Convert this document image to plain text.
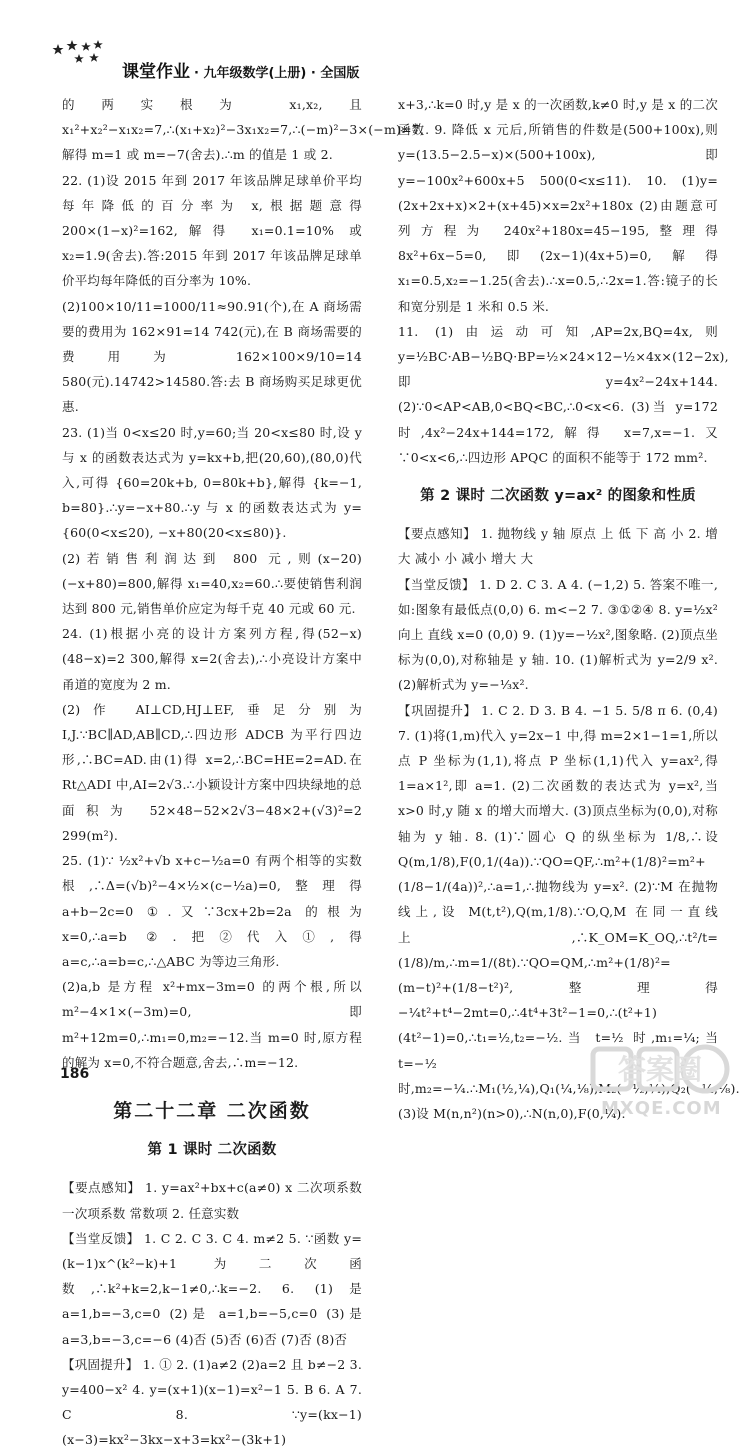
课堂作业 · 九年级数学(上册) · 全国版

的两实根为 x₁,x₂,且 x₁²+x₂²−x₁x₂=7,∴(x₁+x₂)²−3x₁x₂=7,∴(−m)²−3×(−m)=7,解得 m=1 或 m=−7(舍去).∴m 的值是 1 或 2.

22. (1)设 2015 年到 2017 年该品牌足球单价平均每年降低的百分率为 x,根据题意得 200×(1−x)²=162,解得 x₁=0.1=10% 或 x₂=1.9(舍去).答:2015 年到 2017 年该品牌足球单价平均每年降低的百分率为 10%.

(2)100×10/11=1000/11≈90.91(个),在 A 商场需要的费用为 162×91=14 742(元),在 B 商场需要的费用为 162×100×9/10=14 580(元).14742>14580.答:去 B 商场购买足球更优惠.

23. (1)当 0<x≤20 时,y=60;当 20<x≤80 时,设 y 与 x 的函数表达式为 y=kx+b,把(20,60),(80,0)代入,可得 {60=20k+b, 0=80k+b},解得 {k=−1, b=80}.∴y=−x+80.∴y 与 x 的函数表达式为 y={60(0<x≤20), −x+80(20<x≤80)}.

(2)若销售利润达到 800 元,则(x−20)(−x+80)=800,解得 x₁=40,x₂=60.∴要使销售利润达到 800 元,销售单价应定为每千克 40 元或 60 元.

24. (1)根据小亮的设计方案列方程,得(52−x)(48−x)=2 300,解得 x=2(舍去),∴小亮设计方案中甬道的宽度为 2 m.

(2)作 AI⊥CD,HJ⊥EF,垂足分别为 I,J.∵BC∥AD,AB∥CD,∴四边形 ADCB 为平行四边形,∴BC=AD.由(1)得 x=2,∴BC=HE=2=AD.在 Rt△ADI 中,AI=2√3.∴小颖设计方案中四块绿地的总面积为 52×48−52×2√3−48×2+(√3)²=2 299(m²).

25. (1)∵ ½x²+√b x+c−½a=0 有两个相等的实数根,∴Δ=(√b)²−4×½×(c−½a)=0,整理得 a+b−2c=0 ①.又∵3cx+2b=2a 的根为 x=0,∴a=b ②.把②代入①,得 a=c,∴a=b=c,∴△ABC 为等边三角形.

(2)a,b 是方程 x²+mx−3m=0 的两个根,所以 m²−4×1×(−3m)=0,即 m²+12m=0,∴m₁=0,m₂=−12.当 m=0 时,原方程的解为 x=0,不符合题意,舍去,∴m=−12.

第二十二章 二次函数
第 1 课时 二次函数

【要点感知】 1. y=ax²+bx+c(a≠0) x 二次项系数 一次项系数 常数项 2. 任意实数

【当堂反馈】 1. C 2. C 3. C 4. m≠2 5. ∵函数 y=(k−1)x^(k²−k)+1 为二次函数,∴k²+k=2,k−1≠0,∴k=−2. 6. (1)是 a=1,b=−3,c=0 (2)是 a=1,b=−5,c=0 (3)是 a=3,b=−3,c=−6 (4)否 (5)否 (6)否 (7)否 (8)否

【巩固提升】 1. ① 2. (1)a≠2 (2)a=2 且 b≠−2 3. y=400−x² 4. y=(x+1)(x−1)=x²−1 5. B 6. A 7. C 8. ∵y=(kx−1)(x−3)=kx²−3kx−x+3=kx²−(3k+1)

x+3,∴k=0 时,y 是 x 的一次函数,k≠0 时,y 是 x 的二次函数. 9. 降低 x 元后,所销售的件数是(500+100x),则 y=(13.5−2.5−x)×(500+100x),即 y=−100x²+600x+5 500(0<x≤11). 10. (1)y=(2x+2x+x)×2+(x+45)×x=2x²+180x (2)由题意可列方程为 240x²+180x=45−195,整理得 8x²+6x−5=0,即(2x−1)(4x+5)=0,解得 x₁=0.5,x₂=−1.25(舍去).∴x=0.5,∴2x=1.答:镜子的长和宽分别是 1 米和 0.5 米.

11. (1)由运动可知,AP=2x,BQ=4x,则 y=½BC·AB−½BQ·BP=½×24×12−½×4x×(12−2x),即 y=4x²−24x+144. (2)∵0<AP<AB,0<BQ<BC,∴0<x<6. (3)当 y=172 时,4x²−24x+144=172,解得 x=7,x=−1.又∵0<x<6,∴四边形 APQC 的面积不能等于 172 mm².

第 2 课时 二次函数 y=ax² 的图象和性质

【要点感知】 1. 抛物线 y 轴 原点 上 低 下 高 小 2. 增大 减小 小 减小 增大 大

【当堂反馈】 1. D 2. C 3. A 4. (−1,2) 5. 答案不唯一,如:图象有最低点(0,0) 6. m<−2 7. ③①②④ 8. y=½x² 向上 直线 x=0 (0,0) 9. (1)y=−½x²,图象略. (2)顶点坐标为(0,0),对称轴是 y 轴. 10. (1)解析式为 y=2/9 x². (2)解析式为 y=−⅓x².

【巩固提升】 1. C 2. D 3. B 4. −1 5. 5/8 π 6. (0,4) 7. (1)将(1,m)代入 y=2x−1 中,得 m=2×1−1=1,所以点 P 坐标为(1,1),将点 P 坐标(1,1)代入 y=ax²,得 1=a×1²,即 a=1. (2)二次函数的表达式为 y=x²,当 x>0 时,y 随 x 的增大而增大. (3)顶点坐标为(0,0),对称轴为 y 轴. 8. (1)∵圆心 Q 的纵坐标为 1/8,∴设 Q(m,1/8),F(0,1/(4a)).∵QO=QF,∴m²+(1/8)²=m²+(1/8−1/(4a))²,∴a=1,∴抛物线为 y=x². (2)∵M 在抛物线上,设 M(t,t²),Q(m,1/8).∵O,Q,M 在同一直线上,∴K_OM=K_OQ,∴t²/t=(1/8)/m,∴m=1/(8t).∵QO=QM,∴m²+(1/8)²=(m−t)²+(1/8−t²)²,整理得 −¼t²+t⁴−2mt=0,∴4t⁴+3t²−1=0,∴(t²+1)(4t²−1)=0,∴t₁=½,t₂=−½.当 t=½ 时,m₁=¼;当 t=−½ 时,m₂=−¼.∴M₁(½,¼),Q₁(¼,⅛),M₂(−½,¼),Q₂(−¼,⅛). (3)设 M(n,n²)(n>0),∴N(n,0),F(0,¼).

186	答案圈
MXQE.COM
